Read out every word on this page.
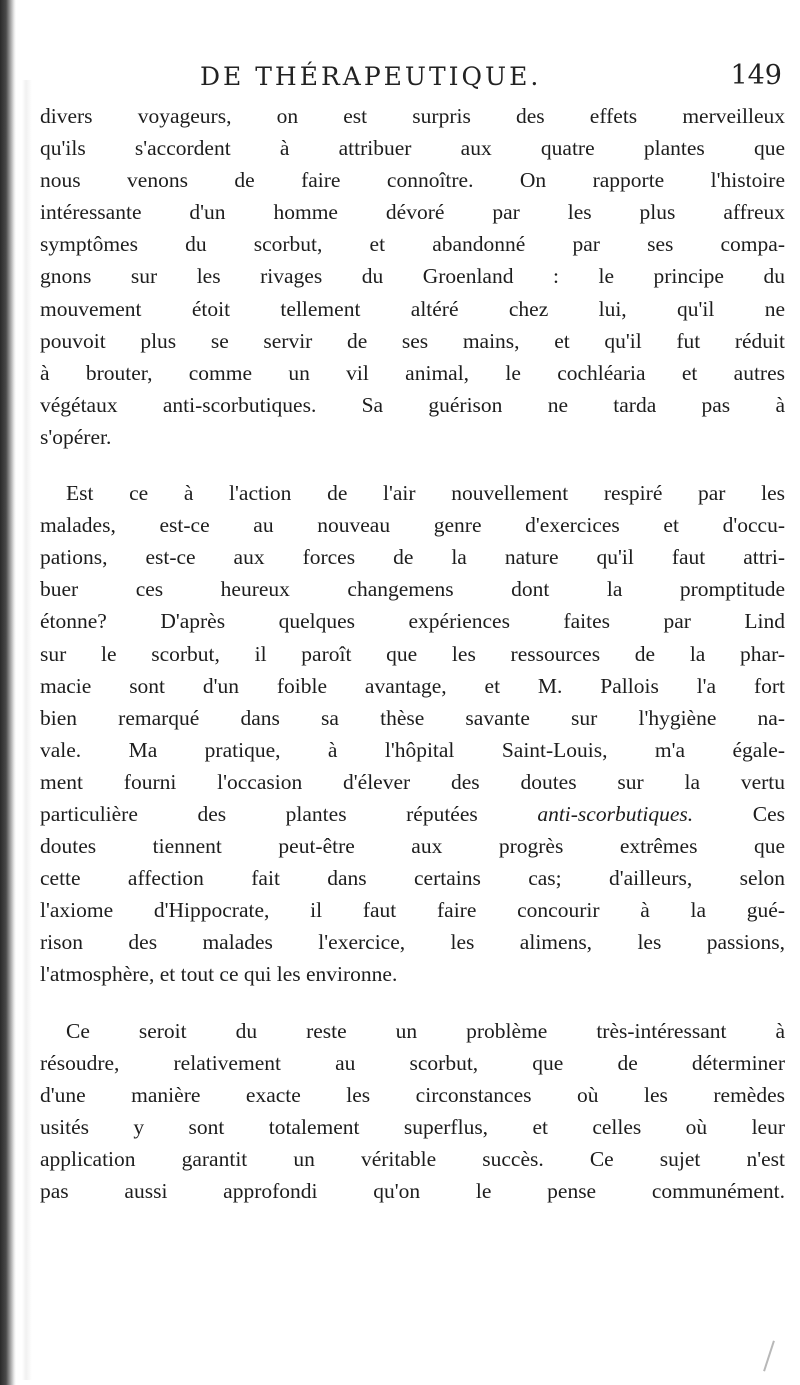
DE THÉRAPEUTIQUE.	149
divers voyageurs, on est surpris des effets merveilleux
qu'ils s'accordent à attribuer aux quatre plantes que
nous venons de faire connoître. On rapporte l'histoire
intéressante d'un homme dévoré par les plus affreux
symptômes du scorbut, et abandonné par ses compa-
gnons sur les rivages du Groenland : le principe du
mouvement étoit tellement altéré chez lui, qu'il ne
pouvoit plus se servir de ses mains, et qu'il fut réduit
à brouter, comme un vil animal, le cochléaria et autres
végétaux anti-scorbutiques. Sa guérison ne tarda pas à
s'opérer.
Est ce à l'action de l'air nouvellement respiré par les
malades, est-ce au nouveau genre d'exercices et d'occu-
pations, est-ce aux forces de la nature qu'il faut attri-
buer ces heureux changemens dont la promptitude
étonne? D'après quelques expériences faites par Lind
sur le scorbut, il paroît que les ressources de la phar-
macie sont d'un foible avantage, et M. Pallois l'a fort
bien remarqué dans sa thèse savante sur l'hygiène na-
vale. Ma pratique, à l'hôpital Saint-Louis, m'a égale-
ment fourni l'occasion d'élever des doutes sur la vertu
particulière des plantes réputées anti-scorbutiques. Ces
doutes tiennent peut-être aux progrès extrêmes que
cette affection fait dans certains cas; d'ailleurs, selon
l'axiome d'Hippocrate, il faut faire concourir à la gué-
rison des malades l'exercice, les alimens, les passions,
l'atmosphère, et tout ce qui les environne.
Ce seroit du reste un problème très-intéressant à
résoudre, relativement au scorbut, que de déterminer
d'une manière exacte les circonstances où les remèdes
usités y sont totalement superflus, et celles où leur
application garantit un véritable succès. Ce sujet n'est
pas aussi approfondi qu'on le pense communément.
